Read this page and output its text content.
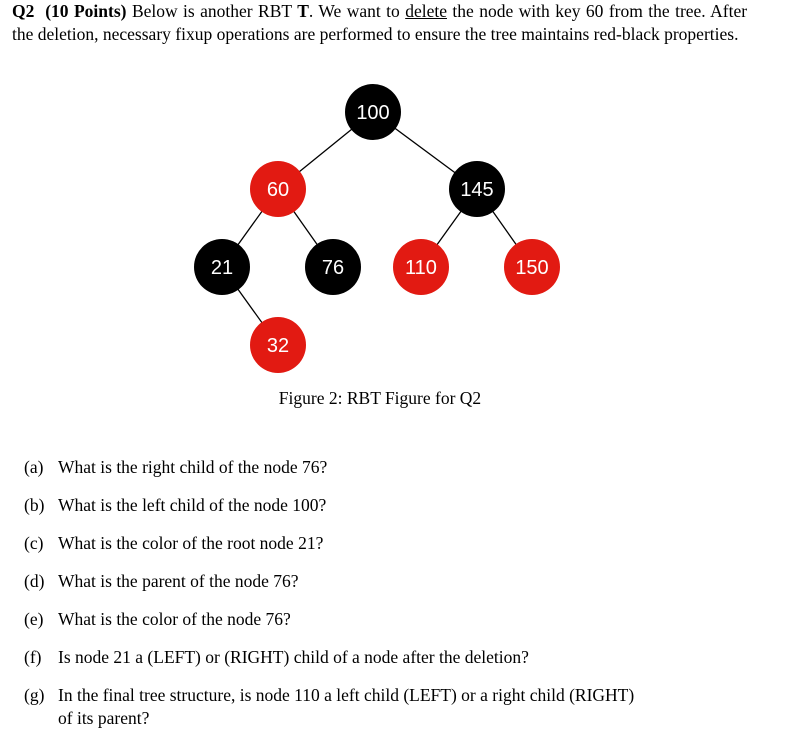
Q2 (10 Points) Below is another RBT T. We want to delete the node with key 60 from the tree. After the deletion, necessary fixup operations are performed to ensure the tree maintains red-black properties.

100
60	145
21	76	110	150
32
Figure 2: RBT Figure for Q2
(a) What is the right child of the node 76?
(b) What is the left child of the node 100?
(c) What is the color of the root node 21?
(d) What is the parent of the node 76?
(e) What is the color of the node 76?
(f) Is node 21 a (LEFT) or (RIGHT) child of a node after the deletion?
(g) In the final tree structure, is node 110 a left child (LEFT) or a right child (RIGHT)
of its parent?
